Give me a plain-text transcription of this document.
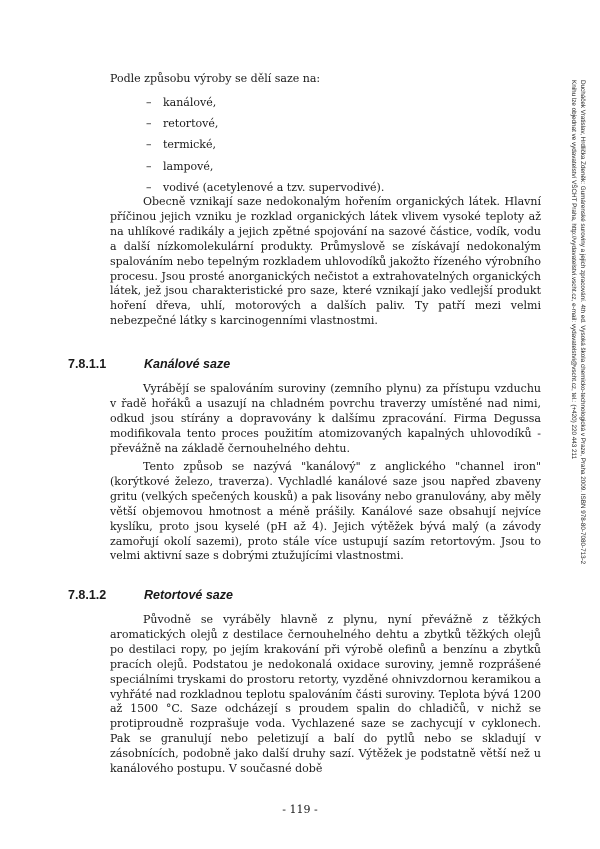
Podle způsobu výroby se dělí saze na:
– kanálové,
– retortové,
– termické,
– lampové,
– vodivé (acetylenové a tzv. supervodivé).

Obecně vznikají saze nedokonalým hořením organických látek. Hlavní příčinou jejich vzniku je rozklad organických látek vlivem vysoké teploty až na uhlíkové radikály a jejich zpětné spojování na sazové částice, vodík, vodu a další nízkomolekulární produkty. Průmyslově se získávají nedokonalým spalováním nebo tepelným rozkladem uhlovodíků jakožto řízeného výrobního procesu. Jsou prosté anorganických nečistot a extrahovatelných organických látek, jež jsou charakteristické pro saze, které vznikají jako vedlejší produkt hoření dřeva, uhlí, motorových a dalších paliv. Ty patří mezi velmi nebezpečné látky s karcinogenními vlastnostmi.

7.8.1.1	Kanálové saze

Vyrábějí se spalováním suroviny (zemního plynu) za přístupu vzduchu v řadě hořáků a usazují na chladném povrchu traverzy umístěné nad nimi, odkud jsou stírány a dopravovány k dalšímu zpracování. Firma Degussa modifikovala tento proces použitím atomizovaných kapalných uhlovodíků - převážně na základě černouhelného dehtu.

Tento způsob se nazývá "kanálový" z anglického "channel iron" (korýtkové železo, traverza). Vychladlé kanálové saze jsou napřed zbaveny gritu (velkých spečených kousků) a pak lisovány nebo granulovány, aby měly větší objemovou hmotnost a méně prášily. Kanálové saze obsahují nejvíce kyslíku, proto jsou kyselé (pH až 4). Jejich výtěžek bývá malý (a závody zamořují okolí sazemi), proto stále více ustupují sazím retortovým. Jsou to velmi aktivní saze s dobrými ztužujícími vlastnostmi.

7.8.1.2	Retortové saze

Původně se vyráběly hlavně z plynu, nyní převážně z těžkých aromatických olejů z destilace černouhelného dehtu a zbytků těžkých olejů po destilaci ropy, po jejím krakování při výrobě olefinů a benzínu a zbytků pracích olejů. Podstatou je nedokonalá oxidace suroviny, jemně rozprášené speciálními tryskami do prostoru retorty, vyzděné ohnivzdornou keramikou a vyhřáté nad rozkladnou teplotu spalováním části suroviny. Teplota bývá 1200 až 1500 °C. Saze odcházejí s proudem spalin do chladičů, v nichž se protiproudně rozprašuje voda. Vychlazené saze se zachycují v cyklonech. Pak se granulují nebo peletizují a balí do pytlů nebo se skladují v zásobnících, podobně jako další druhy sazí. Výtěžek je podstatně větší než u kanálového postupu. V současné době

Ducháček Vratislav, Hrdlička Zdeněk: Gumárenské suroviny a jejich zpracování. 4th ed. Vysoká škola chemicko-technologická v Praze, Praha 2009. ISBN 978-80-7080-713-2
Knihu lze objednat ve vydavatelství VŠCHT Praha, http://vydavatelstvi.vscht.cz, e-mail: vydavatelstvi@vscht.cz, tel.: (+420) 220 443 211
- 119 -
